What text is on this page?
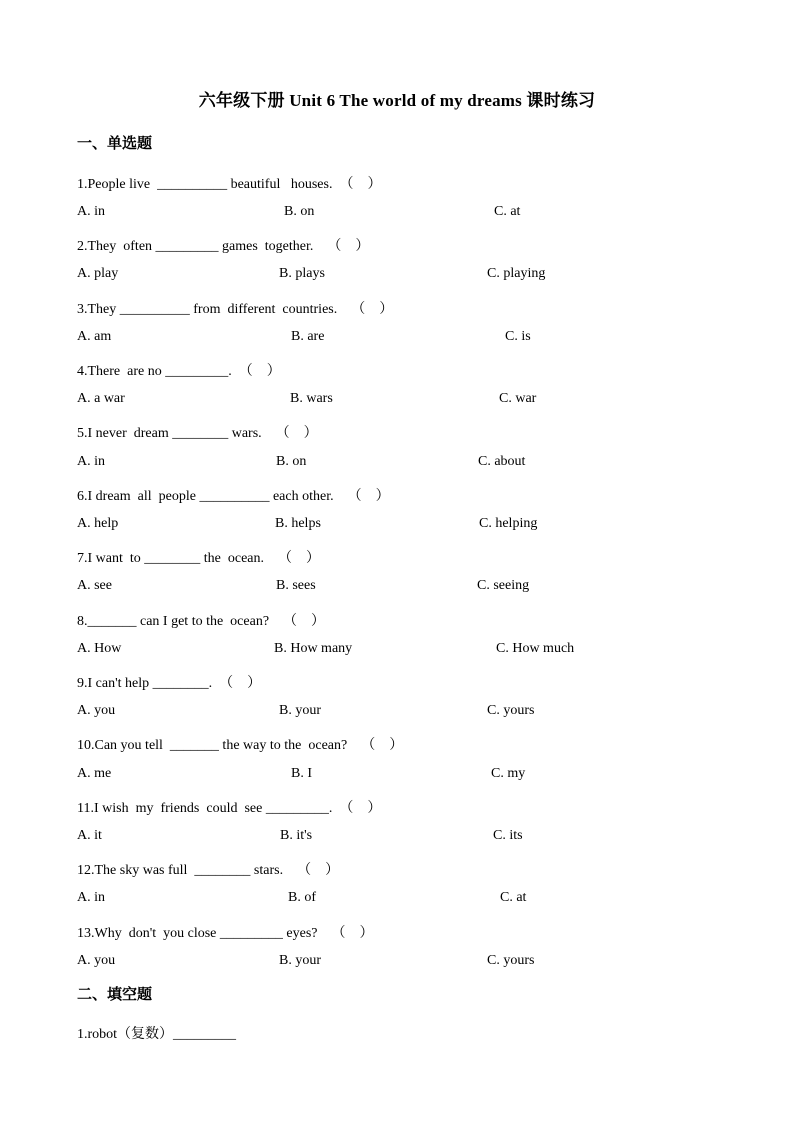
六年级下册 Unit 6 The world of my dreams 课时练习
一、单选题
1.People live  __________ beautiful   houses.  （    ）
A. in	B. on	C. at
2.They  often _________ games  together.    （    ）
A. play	B. plays	C. playing
3.They __________ from  different  countries.    （    ）
A. am	B. are	C. is
4.There  are no _________.  （    ）
A. a war	B. wars	C. war
5.I never  dream ________ wars.    （    ）
A. in	B. on	C. about
6.I dream  all  people __________ each other.    （    ）
A. help	B. helps	C. helping
7.I want  to ________ the  ocean.    （    ）
A. see	B. sees	C. seeing
8._______ can I get to the  ocean?    （    ）
A. How	B. How many	C. How much
9.I can't help ________.  （    ）
A. you	B. your	C. yours
10.Can you tell  _______ the way to the  ocean?    （    ）
A. me	B. I	C. my
11.I wish  my  friends  could  see _________.  （    ）
A. it	B. it's	C. its
12.The sky was full  ________ stars.    （    ）
A. in	B. of	C. at
13.Why  don't  you close _________ eyes?    （    ）
A. you	B. your	C. yours
二、填空题
1.robot（复数）_________
